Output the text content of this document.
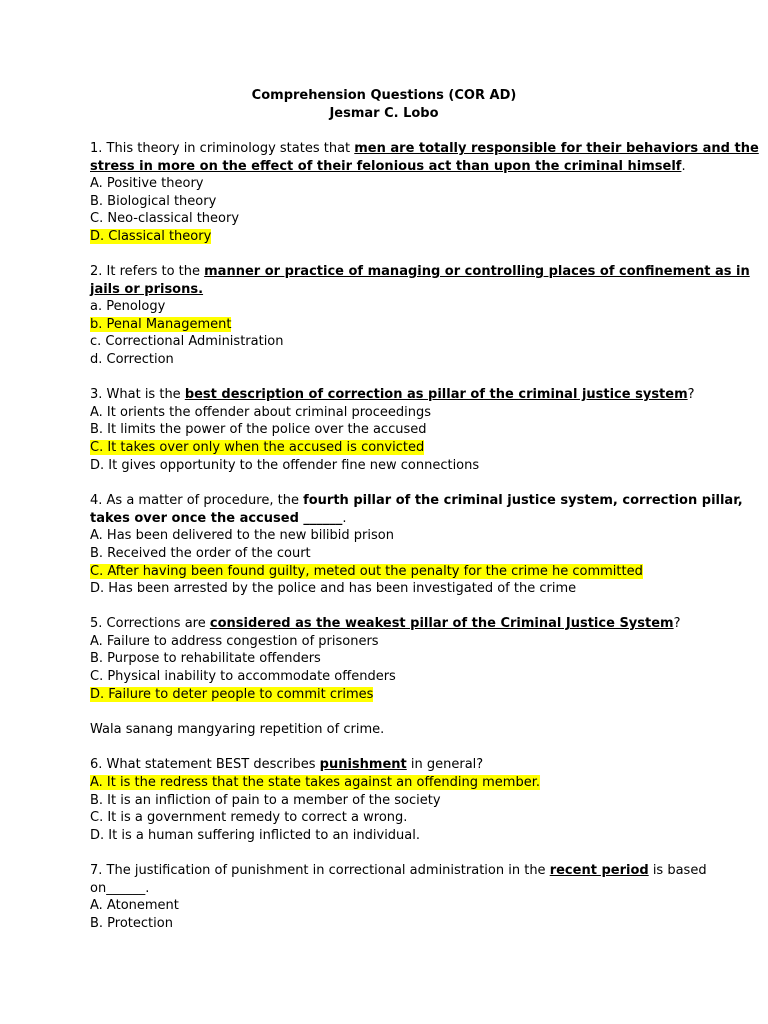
Comprehension Questions (COR AD)

Jesmar C. Lobo

1. This theory in criminology states that men are totally responsible for their behaviors and the
stress in more on the effect of their felonious act than upon the criminal himself.
A. Positive theory
B. Biological theory
C. Neo-classical theory
D. Classical theory
2. It refers to the manner or practice of managing or controlling places of confinement as in
jails or prisons.
a. Penology
b. Penal Management
c. Correctional Administration
d. Correction
3. What is the best description of correction as pillar of the criminal justice system?
A. It orients the offender about criminal proceedings
B. It limits the power of the police over the accused
C. It takes over only when the accused is convicted
D. It gives opportunity to the offender fine new connections
4. As a matter of procedure, the fourth pillar of the criminal justice system, correction pillar,
takes over once the accused ______.
A. Has been delivered to the new bilibid prison
B. Received the order of the court
C. After having been found guilty, meted out the penalty for the crime he committed
D. Has been arrested by the police and has been investigated of the crime
5. Corrections are considered as the weakest pillar of the Criminal Justice System?
A. Failure to address congestion of prisoners
B. Purpose to rehabilitate offenders
C. Physical inability to accommodate offenders
D. Failure to deter people to commit crimes
Wala sanang mangyaring repetition of crime.
6. What statement BEST describes punishment in general?
A. It is the redress that the state takes against an offending member.
B. It is an infliction of pain to a member of the society
C. It is a government remedy to correct a wrong.
D. It is a human suffering inflicted to an individual.
7. The justification of punishment in correctional administration in the recent period is based
on______.
A. Atonement
B. Protection
